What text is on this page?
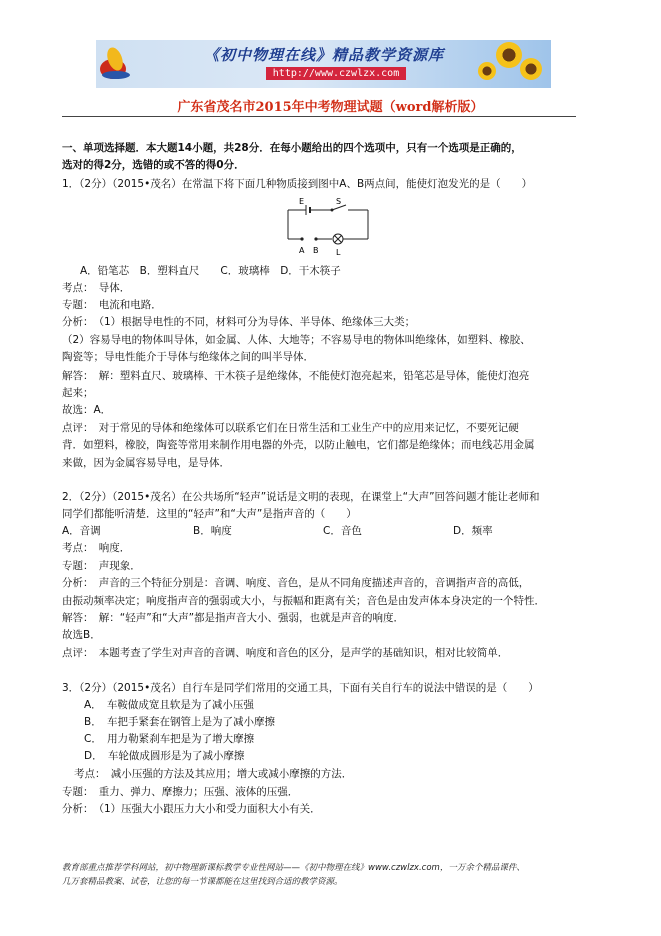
《初中物理在线》精品教学资源库
http://www.czwlzx.com
广东省茂名市2015年中考物理试题（word解析版）
一、单项选择题．本大题14小题，共28分．在每小题给出的四个选项中，只有一个选项是正确的，
选对的得2分，选错的或不答的得0分．
1．（2分）（2015•茂名）在常温下将下面几种物质接到图中A、B两点间，能使灯泡发光的是（　　）
E	S
A B L
A．铅笔芯　B．塑料直尺　　C．玻璃棒　D．干木筷子
考点：　导体．
专题：　电流和电路．
分析：　（1）根据导电性的不同，材料可分为导体、半导体、绝缘体三大类；
（2）容易导电的物体叫导体，如金属、人体、大地等；不容易导电的物体叫绝缘体，如塑料、橡胶、
陶瓷等；导电性能介于导体与绝缘体之间的叫半导体．
解答：　解：塑料直尺、玻璃棒、干木筷子是绝缘体，不能使灯泡亮起来，铅笔芯是导体，能使灯泡亮
起来；
故选：A．
点评：　对于常见的导体和绝缘体可以联系它们在日常生活和工业生产中的应用来记忆，不要死记硬
背．如塑料，橡胶，陶瓷等常用来制作用电器的外壳，以防止触电，它们都是绝缘体；而电线芯用金属
来做，因为金属容易导电，是导体．
2．（2分）（2015•茂名）在公共场所“轻声”说话是文明的表现，在课堂上“大声”回答问题才能让老师和
同学们都能听清楚．这里的“轻声”和“大声”是指声音的（　　）
A．音调	B．响度	C．音色	D．频率
考点：　响度．
专题：　声现象．
分析：　声音的三个特征分别是：音调、响度、音色，是从不同角度描述声音的，音调指声音的高低，
由振动频率决定；响度指声音的强弱或大小，与振幅和距离有关；音色是由发声体本身决定的一个特性．
解答：　解：“轻声”和“大声”都是指声音大小、强弱，也就是声音的响度．
故选B．
点评：　本题考查了学生对声音的音调、响度和音色的区分，是声学的基础知识，相对比较简单．
3．（2分）（2015•茂名）自行车是同学们常用的交通工具，下面有关自行车的说法中错误的是（　　）
A．　车鞍做成宽且软是为了减小压强
B．　车把手紧套在钢管上是为了减小摩擦
C．　用力勒紧刹车把是为了增大摩擦
D．　车轮做成圆形是为了减小摩擦
考点：　减小压强的方法及其应用；增大或减小摩擦的方法．
专题：　重力、弹力、摩擦力；压强、液体的压强．
分析：　（1）压强大小跟压力大小和受力面积大小有关．
教育部重点推荐学科网站，初中物理新课标教学专业性网站——《初中物理在线》www.czwlzx.com，一万余个精品课件、
几万套精品教案、试卷，让您的每一节课都能在这里找到合适的教学资源。
